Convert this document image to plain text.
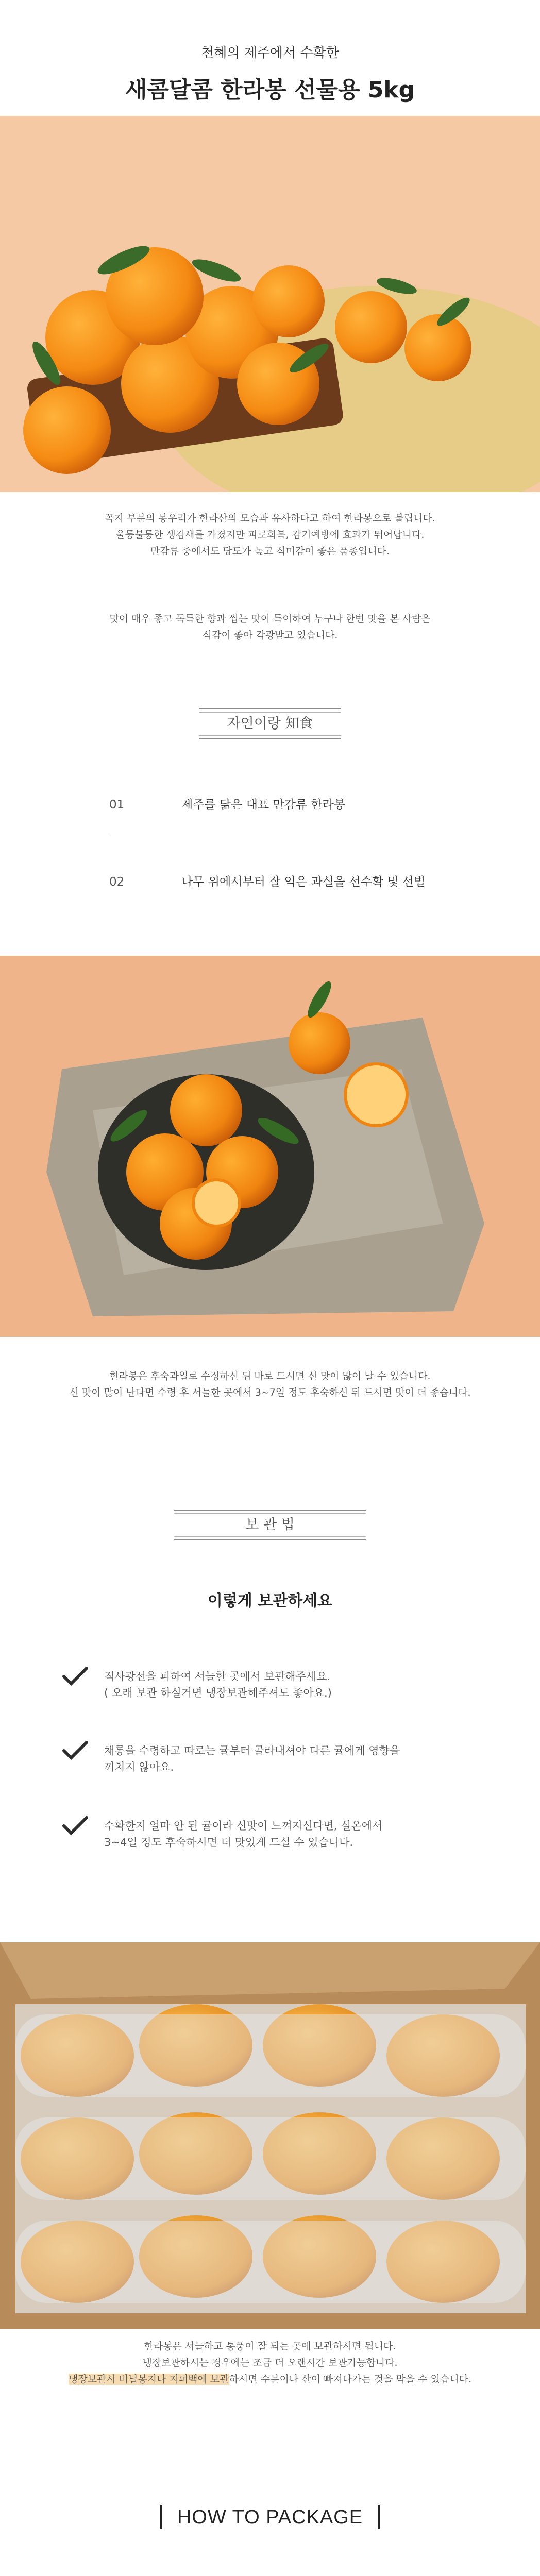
천혜의 제주에서 수확한
새콤달콤 한라봉 선물용 5kg
꼭지 부분의 봉우리가 한라산의 모습과 유사하다고 하여 한라봉으로 불립니다.
울퉁불퉁한 생김새를 가졌지만 피로회복, 감기예방에 효과가 뛰어납니다.
만감류 중에서도 당도가 높고 식미감이 좋은 품종입니다.
맛이 매우 좋고 독특한 향과 씹는 맛이 특이하여 누구나 한번 맛을 본 사람은
식감이 좋아 각광받고 있습니다.
자연이랑 知食
01	제주를 닮은 대표 만감류 한라봉
02	나무 위에서부터 잘 익은 과실을 선수확 및 선별
한라봉은 후숙과일로 수정하신 뒤 바로 드시면 신 맛이 많이 날 수 있습니다.
신 맛이 많이 난다면 수령 후 서늘한 곳에서 3~7일 정도 후숙하신 뒤 드시면 맛이 더 좋습니다.
보 관 법
이렇게 보관하세요
직사광선을 피하여 서늘한 곳에서 보관해주세요.
( 오래 보관 하실거면 냉장보관해주셔도 좋아요.)
채롱을 수령하고 따로는 귤부터 골라내셔야 다른 귤에게 영향을
끼치지 않아요.
수확한지 얼마 안 된 귤이라 신맛이 느껴지신다면, 실온에서
3~4일 정도 후숙하시면 더 맛있게 드실 수 있습니다.
한라봉은 서늘하고 통풍이 잘 되는 곳에 보관하시면 됩니다.
냉장보관하시는 경우에는 조금 더 오랜시간 보관가능합니다.
냉장보관시 비닐봉지나 지퍼백에 보관하시면 수분이나 산이 빠져나가는 것을 막을 수 있습니다.
HOW TO PACKAGE
